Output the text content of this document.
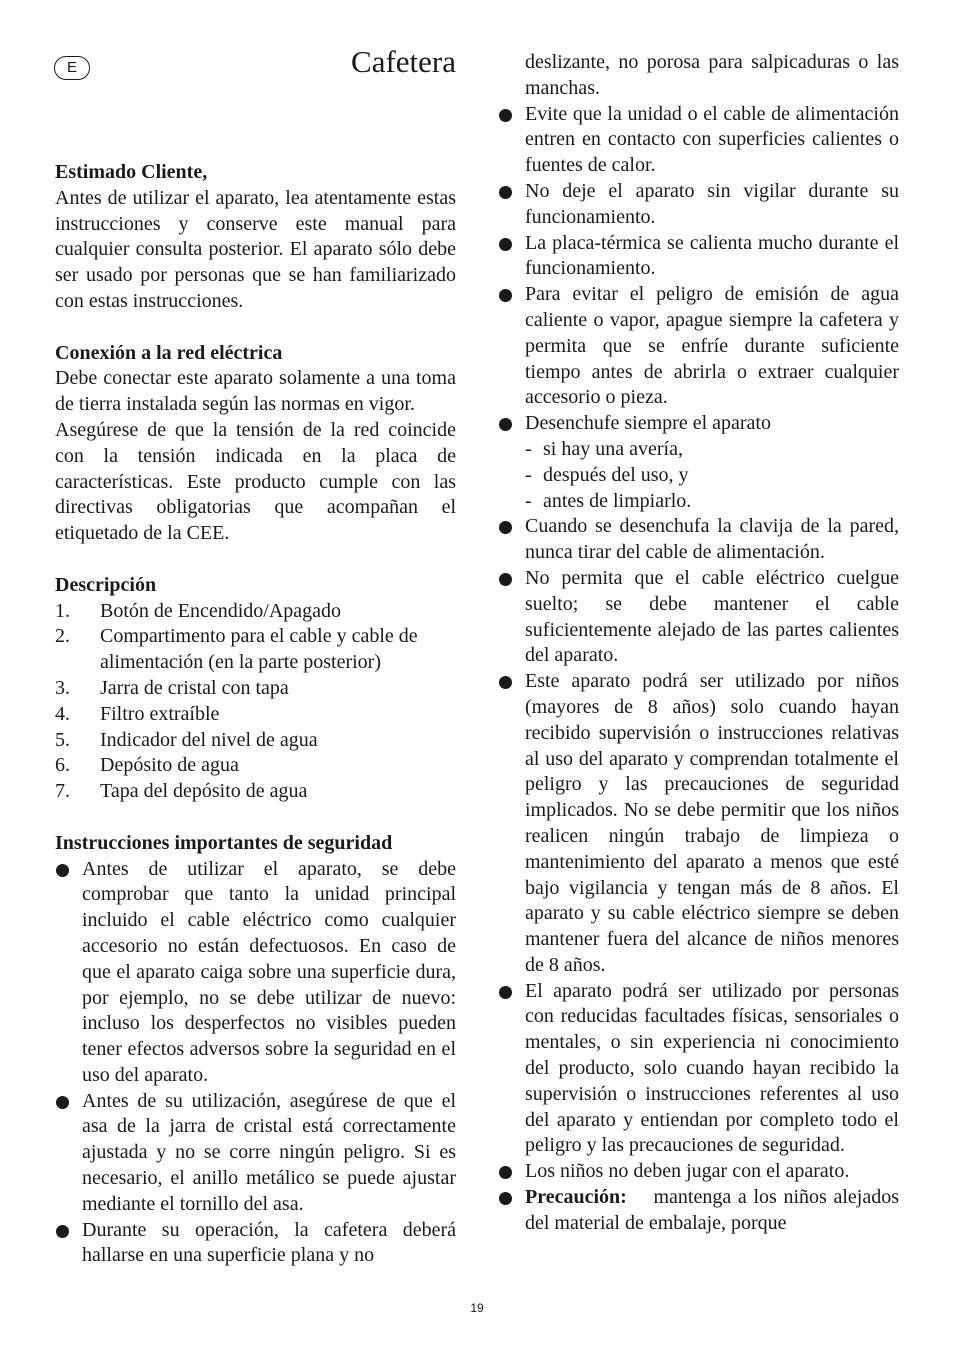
E	Cafetera
Estimado Cliente,

Antes de utilizar el aparato, lea atentamente estas instrucciones y conserve este manual para cualquier consulta posterior. El aparato sólo debe ser usado por personas que se han familiarizado con estas instrucciones.

Conexión a la red eléctrica

Debe conectar este aparato solamente a una toma de tierra instalada según las normas en vigor.

Asegúrese de que la tensión de la red coincide con la tensión indicada en la placa de características. Este producto cumple con las directivas obligatorias que acompañan el etiquetado de la CEE.

Descripción
1.	Botón de Encendido/Apagado
2.	Compartimento para el cable y cable de alimentación (en la parte posterior)
3.	Jarra de cristal con tapa
4.	Filtro extraíble
5.	Indicador del nivel de agua
6.	Depósito de agua
7.	Tapa del depósito de agua
Instrucciones importantes de seguridad
Antes de utilizar el aparato, se debe comprobar que tanto la unidad principal incluido el cable eléctrico como cualquier accesorio no están defectuosos. En caso de que el aparato caiga sobre una superficie dura, por ejemplo, no se debe utilizar de nuevo: incluso los desperfectos no visibles pueden tener efectos adversos sobre la seguridad en el uso del aparato.
Antes de su utilización, asegúrese de que el asa de la jarra de cristal está correctamente ajustada y no se corre ningún peligro. Si es necesario, el anillo metálico se puede ajustar mediante el tornillo del asa.
Durante su operación, la cafetera deberá hallarse en una superficie plana y no
deslizante, no porosa para salpicaduras o las manchas.
Evite que la unidad o el cable de alimentación entren en contacto con superficies calientes o fuentes de calor.
No deje el aparato sin vigilar durante su funcionamiento.
La placa-térmica se calienta mucho durante el funcionamiento.
Para evitar el peligro de emisión de agua caliente o vapor, apague siempre la cafetera y permita que se enfríe durante suficiente tiempo antes de abrirla o extraer cualquier accesorio o pieza.
Desenchufe siempre el aparato
- si hay una avería,
- después del uso, y
- antes de limpiarlo.
Cuando se desenchufa la clavija de la pared, nunca tirar del cable de alimentación.
No permita que el cable eléctrico cuelgue suelto; se debe mantener el cable suficientemente alejado de las partes calientes del aparato.
Este aparato podrá ser utilizado por niños (mayores de 8 años) solo cuando hayan recibido supervisión o instrucciones relativas al uso del aparato y comprendan totalmente el peligro y las precauciones de seguridad implicados. No se debe permitir que los niños realicen ningún trabajo de limpieza o mantenimiento del aparato a menos que esté bajo vigilancia y tengan más de 8 años. El aparato y su cable eléctrico siempre se deben mantener fuera del alcance de niños menores de 8 años.
El aparato podrá ser utilizado por personas con reducidas facultades físicas, sensoriales o mentales, o sin experiencia ni conocimiento del producto, solo cuando hayan recibido la supervisión o instrucciones referentes al uso del aparato y entiendan por completo todo el peligro y las precauciones de seguridad.
Los niños no deben jugar con el aparato.
Precaución: mantenga a los niños alejados del material de embalaje, porque
19
